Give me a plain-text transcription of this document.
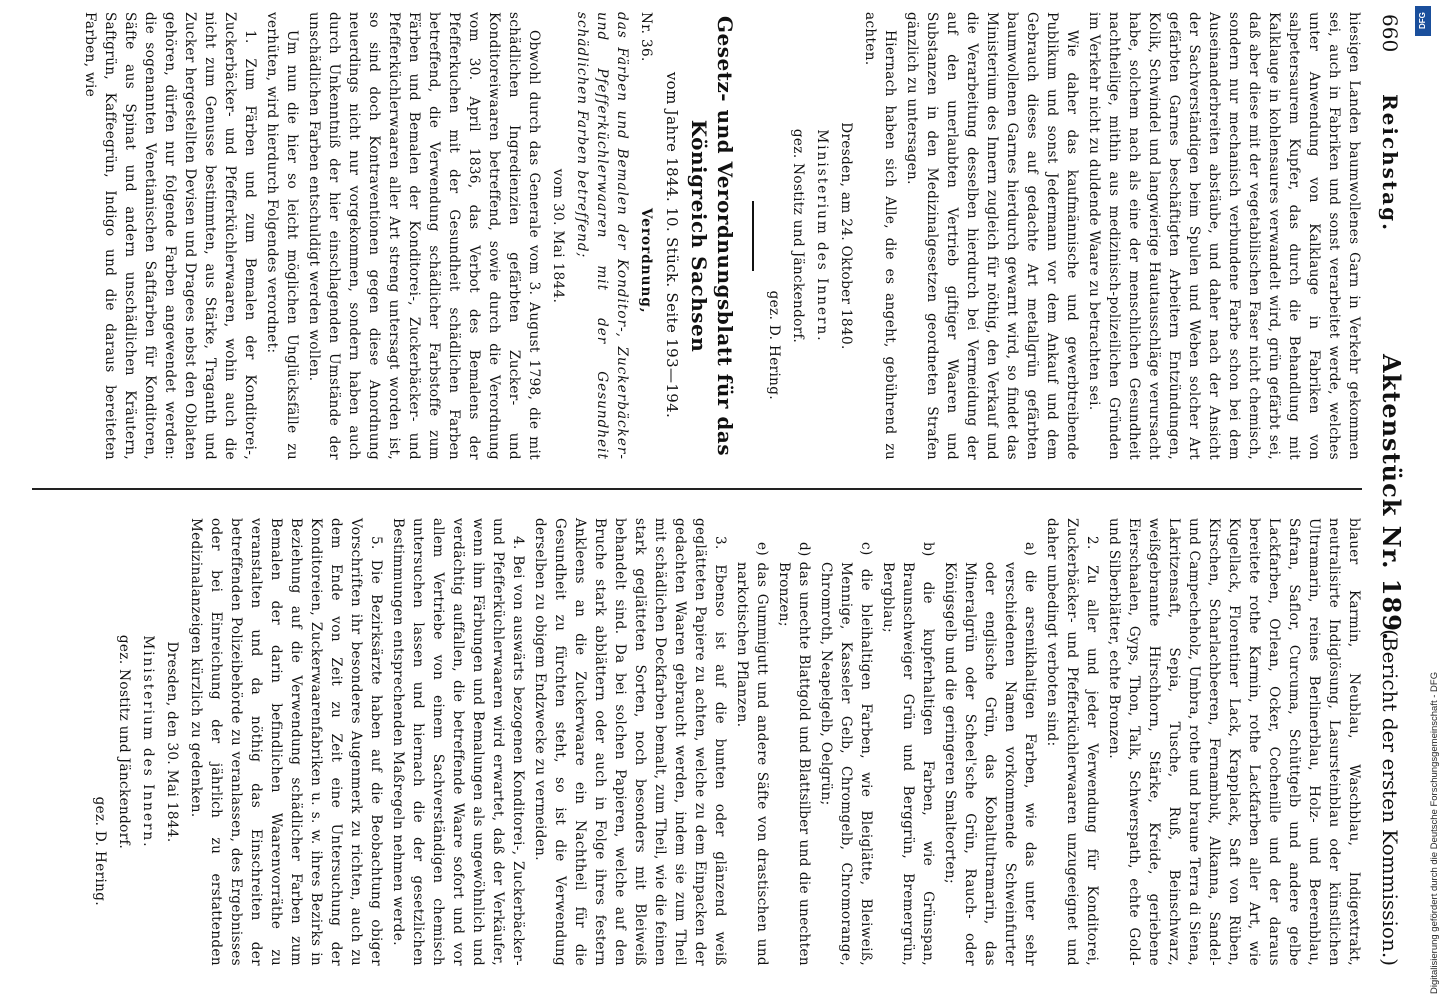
660
Reichstag.
Aktenstück Nr. 189.
(Bericht der ersten Kommission.)

hiesigen Landen baumwollenes Garn in Verkehr gekommen sei, auch in Fabriken und sonst verarbeitet werde, welches unter Anwendung von Kalklauge in Fabriken von salpetersaurem Kupfer, das durch die Behandlung mit Kalklauge in kohlensaures verwandelt wird, grün gefärbt sei, daß aber diese mit der vegetabilischen Faser nicht chemisch, sondern nur mechanisch verbundene Farbe schon bei dem Auseinanderbreiten abstäube, und daher nach der Ansicht der Sachverständigen beim Spulen und Weben solcher Art gefärbten Garnes beschäftigten Arbeitern Entzündungen, Kolik, Schwindel und langwierige Hautausschläge verursacht habe, solchem nach als eine der menschlichen Gesundheit nachtheilige, mithin aus medizinisch-polizeilichen Gründen im Verkehr nicht zu duldende Waare zu betrachten sei.

Wie daher das kaufmännische und gewerbtreibende Publikum und sonst Jedermann vor dem Ankauf und dem Gebrauch dieses auf gedachte Art metallgrün gefärbten baumwollenen Garnes hierdurch gewarnt wird, so findet das Ministerium des Innern zugleich für nöthig, den Verkauf und die Verarbeitung desselben hierdurch bei Vermeidung der auf den unerlaubten Vertrieb giftiger Waaren und Substanzen in den Medizinalgesetzen geordneten Strafen gänzlich zu untersagen.

Hiernach haben sich Alle, die es angeht, gebührend zu achten.

Dresden, am 24. Oktober 1840.

Ministerium des Innern.

gez. Nostitz und Jänckendorf.

gez. D. Hering.

Gesetz- und Verordnungsblatt für das Königreich Sachsen

vom Jahre 1844. 10. Stück. Seite 193—194.

Nr. 36.
Verordnung,

das Färben und Bemalen der Konditor-, Zuckerbäcker- und Pfefferküchlerwaaren mit der Gesundheit schädlichen Farben betreffend;

vom 30. Mai 1844.

Obwohl durch das Generale vom 3. August 1798, die mit schädlichen Ingredienzien gefärbten Zucker- und Konditoreiwaaren betreffend, sowie durch die Verordnung vom 30. April 1836, das Verbot des Bemalens der Pfefferkuchen mit der Gesundheit schädlichen Farben betreffend, die Verwendung schädlicher Farbstoffe zum Färben und Bemalen der Konditorei-, Zuckerbäcker- und Pfefferküchlerwaaren aller Art streng untersagt worden ist, so sind doch Kontraventionen gegen diese Anordnung neuerdings nicht nur vorgekommen, sondern haben auch durch Unkenntniß der hier einschlagenden Umstände der unschädlichen Farben entschuldigt werden wollen.

Um nun die hier so leicht möglichen Unglücksfälle zu verhüten, wird hierdurch Folgendes verordnet:

1. Zum Färben und zum Bemalen der Konditorei-, Zuckerbäcker- und Pfefferküchlerwaaren, wohin auch die nicht zum Genusse bestimmten, aus Stärke, Traganth und Zucker hergestellten Devisen und Dragees nebst den Oblaten gehören, dürfen nur folgende Farben angewendet werden: die sogenannten Venetianischen Saftfarben für Konditoren, Säfte aus Spinat und andern unschädlichen Kräutern, Saftgrün, Kaffeegrün, Indigo und die daraus bereiteten Farben, wie

blauer Karmin, Neublau, Waschblau, Indigextrakt, neutralisirte Indiglösung, Lasursteinblau oder künstlichen Ultramarin, reines Berlinerblau, Holz- und Beerenblau, Safran, Saflor, Curcuma, Schüttgelb und andere gelbe Lackfarben, Orlean, Ocker, Cochenille und der daraus bereitete rothe Karmin, rothe Lackfarben aller Art, wie Kugellack, Florentiner Lack, Krapplack, Saft von Rüben, Kirschen, Scharlachbeeren, Fernambuk, Alkanna, Sandel- und Campecheholz, Umbra, rothe und braune Terra di Siena, Lakritzensaft, Sepia, Tusche, Ruß, Beinschwarz, weißgebrannte Hirschhorn, Stärke, Kreide, geriebene Eierschaalen, Gyps, Thon, Talk, Schwerspath, echte Gold- und Silberblätter, echte Bronzen.

2. Zu aller und jeder Verwendung für Konditorei, Zuckerbäcker- und Pfefferküchlerwaaren unzugeeignet und daher unbedingt verboten sind:

a) die arsenikhaltigen Farben, wie das unter sehr verschiedenen Namen vorkommende Schweinfurter oder englische Grün, das Kobaltultramarin, das Mineralgrün oder Scheel'sche Grün, Rauch- oder Königsgelb und die geringeren Smalteorten;

b) die kupferhaltigen Farben, wie Grünspan, Braunschweiger Grün und Berggrün, Bremergrün, Bergblau;

c) die bleihaltigen Farben, wie Bleiglätte, Bleiweiß, Mennige, Kasseler Gelb, Chromgelb, Chromorange, Chromroth, Neapelgelb, Oelgrün;

d) das unechte Blattgold und Blattsilber und die unechten Bronzen;

e) das Gummigutt und andere Säfte von drastischen und narkotischen Pflanzen.

3. Ebenso ist auf die bunten oder glänzend weiß geglätteten Papiere zu achten, welche zu dem Einpacken der gedachten Waaren gebraucht werden, indem sie zum Theil mit schädlichen Deckfarben bemalt, zum Theil, wie die feinen stark geglätteten Sorten, noch besonders mit Bleiweiß behandelt sind. Da bei solchen Papieren, welche auf den Bruche stark abblättern oder auch in Folge ihres festern Ankleens an die Zuckerwaare ein Nachtheil für die Gesundheit zu fürchten steht, so ist die Verwendung derselben zu obigem Endzwecke zu vermeiden.

4. Bei von auswärts bezogenen Konditorei-, Zuckerbäcker- und Pfefferküchlerwaaren wird erwartet, daß der Verkäufer, wenn ihm Färbungen und Bemalungen als ungewöhnlich und verdächtig auffallen, die betreffende Waare sofort und vor allem Vertriebe von einem Sachverständigen chemisch untersuchen lassen und hiernach die der gesetzlichen Bestimmungen entsprechenden Maßregeln nehmen werde.

5. Die Bezirksärzte haben auf die Beobachtung obiger Vorschriften ihr besonderes Augenmerk zu richten, auch zu dem Ende von Zeit zu Zeit eine Untersuchung der Konditoreien, Zuckerwaarenfabriken u. s. w. ihres Bezirks in Beziehung auf die Verwendung schädlicher Farben zum Bemalen der darin befindlichen Waarenvorräthe zu veranstalten und da nöthig das Einschreiten der betreffenden Polizeibehörde zu veranlassen, des Ergebnisses oder bei Einreichung der jährlich zu erstattenden Medizinalanzeigen kürzlich zu gedenken.

Dresden, den 30. Mai 1844.

Ministerium des Innern.

gez. Nostitz und Jänckendorf.

gez. D. Hering.	Digitalisierung gefördert durch die Deutsche Forschungsgemeinschaft - DFG
DFG
